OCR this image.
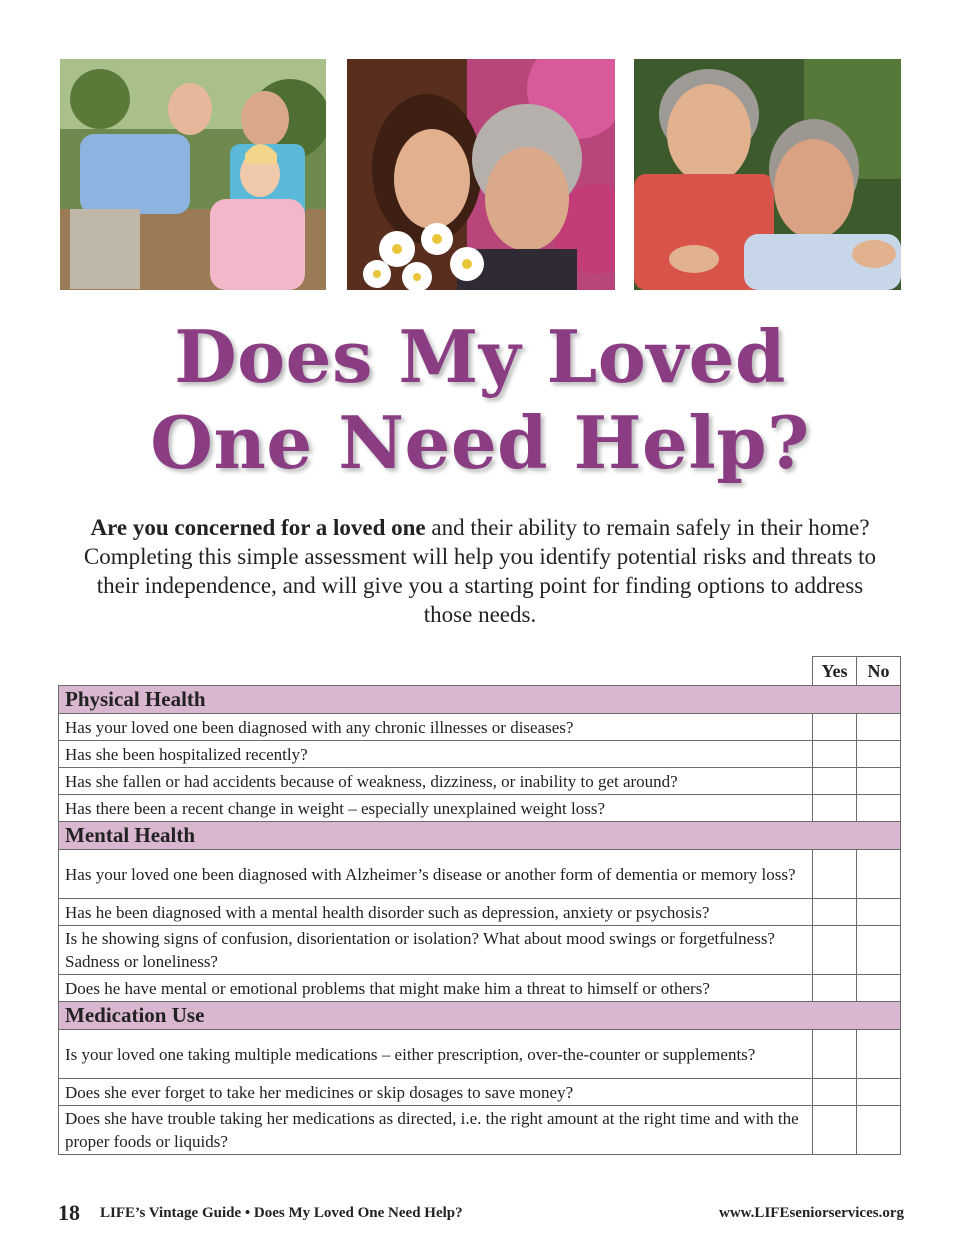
Does My Loved
One Need Help?
Are you concerned for a loved one and their ability to remain safely in their home? Completing this simple assessment will help you identify potential risks and threats to their independence, and will give you a starting point for finding options to address those needs.
	Yes	No
Physical Health		
Has your loved one been diagnosed with any chronic illnesses or diseases?		
Has she been hospitalized recently?		
Has she fallen or had accidents because of weakness, dizziness, or inability to get around?		
Has there been a recent change in weight – especially unexplained weight loss?		
Mental Health		
Has your loved one been diagnosed with Alzheimer’s disease or another form of dementia or memory loss?		
Has he been diagnosed with a mental health disorder such as depression, anxiety or psychosis?		
Is he showing signs of confusion, disorientation or isolation? What about mood swings or forgetfulness? Sadness or loneliness?		
Does he have mental or emotional problems that might make him a threat to himself or others?		
Medication Use		
Is your loved one taking multiple medications – either prescription, over-the-counter or supplements?		
Does she ever forget to take her medicines or skip dosages to save money?		
Does she have trouble taking her medications as directed, i.e. the right amount at the right time and with the proper foods or liquids?		
18 LIFE’s Vintage Guide • Does My Loved One Need Help?	www.LIFEseniorservices.org
